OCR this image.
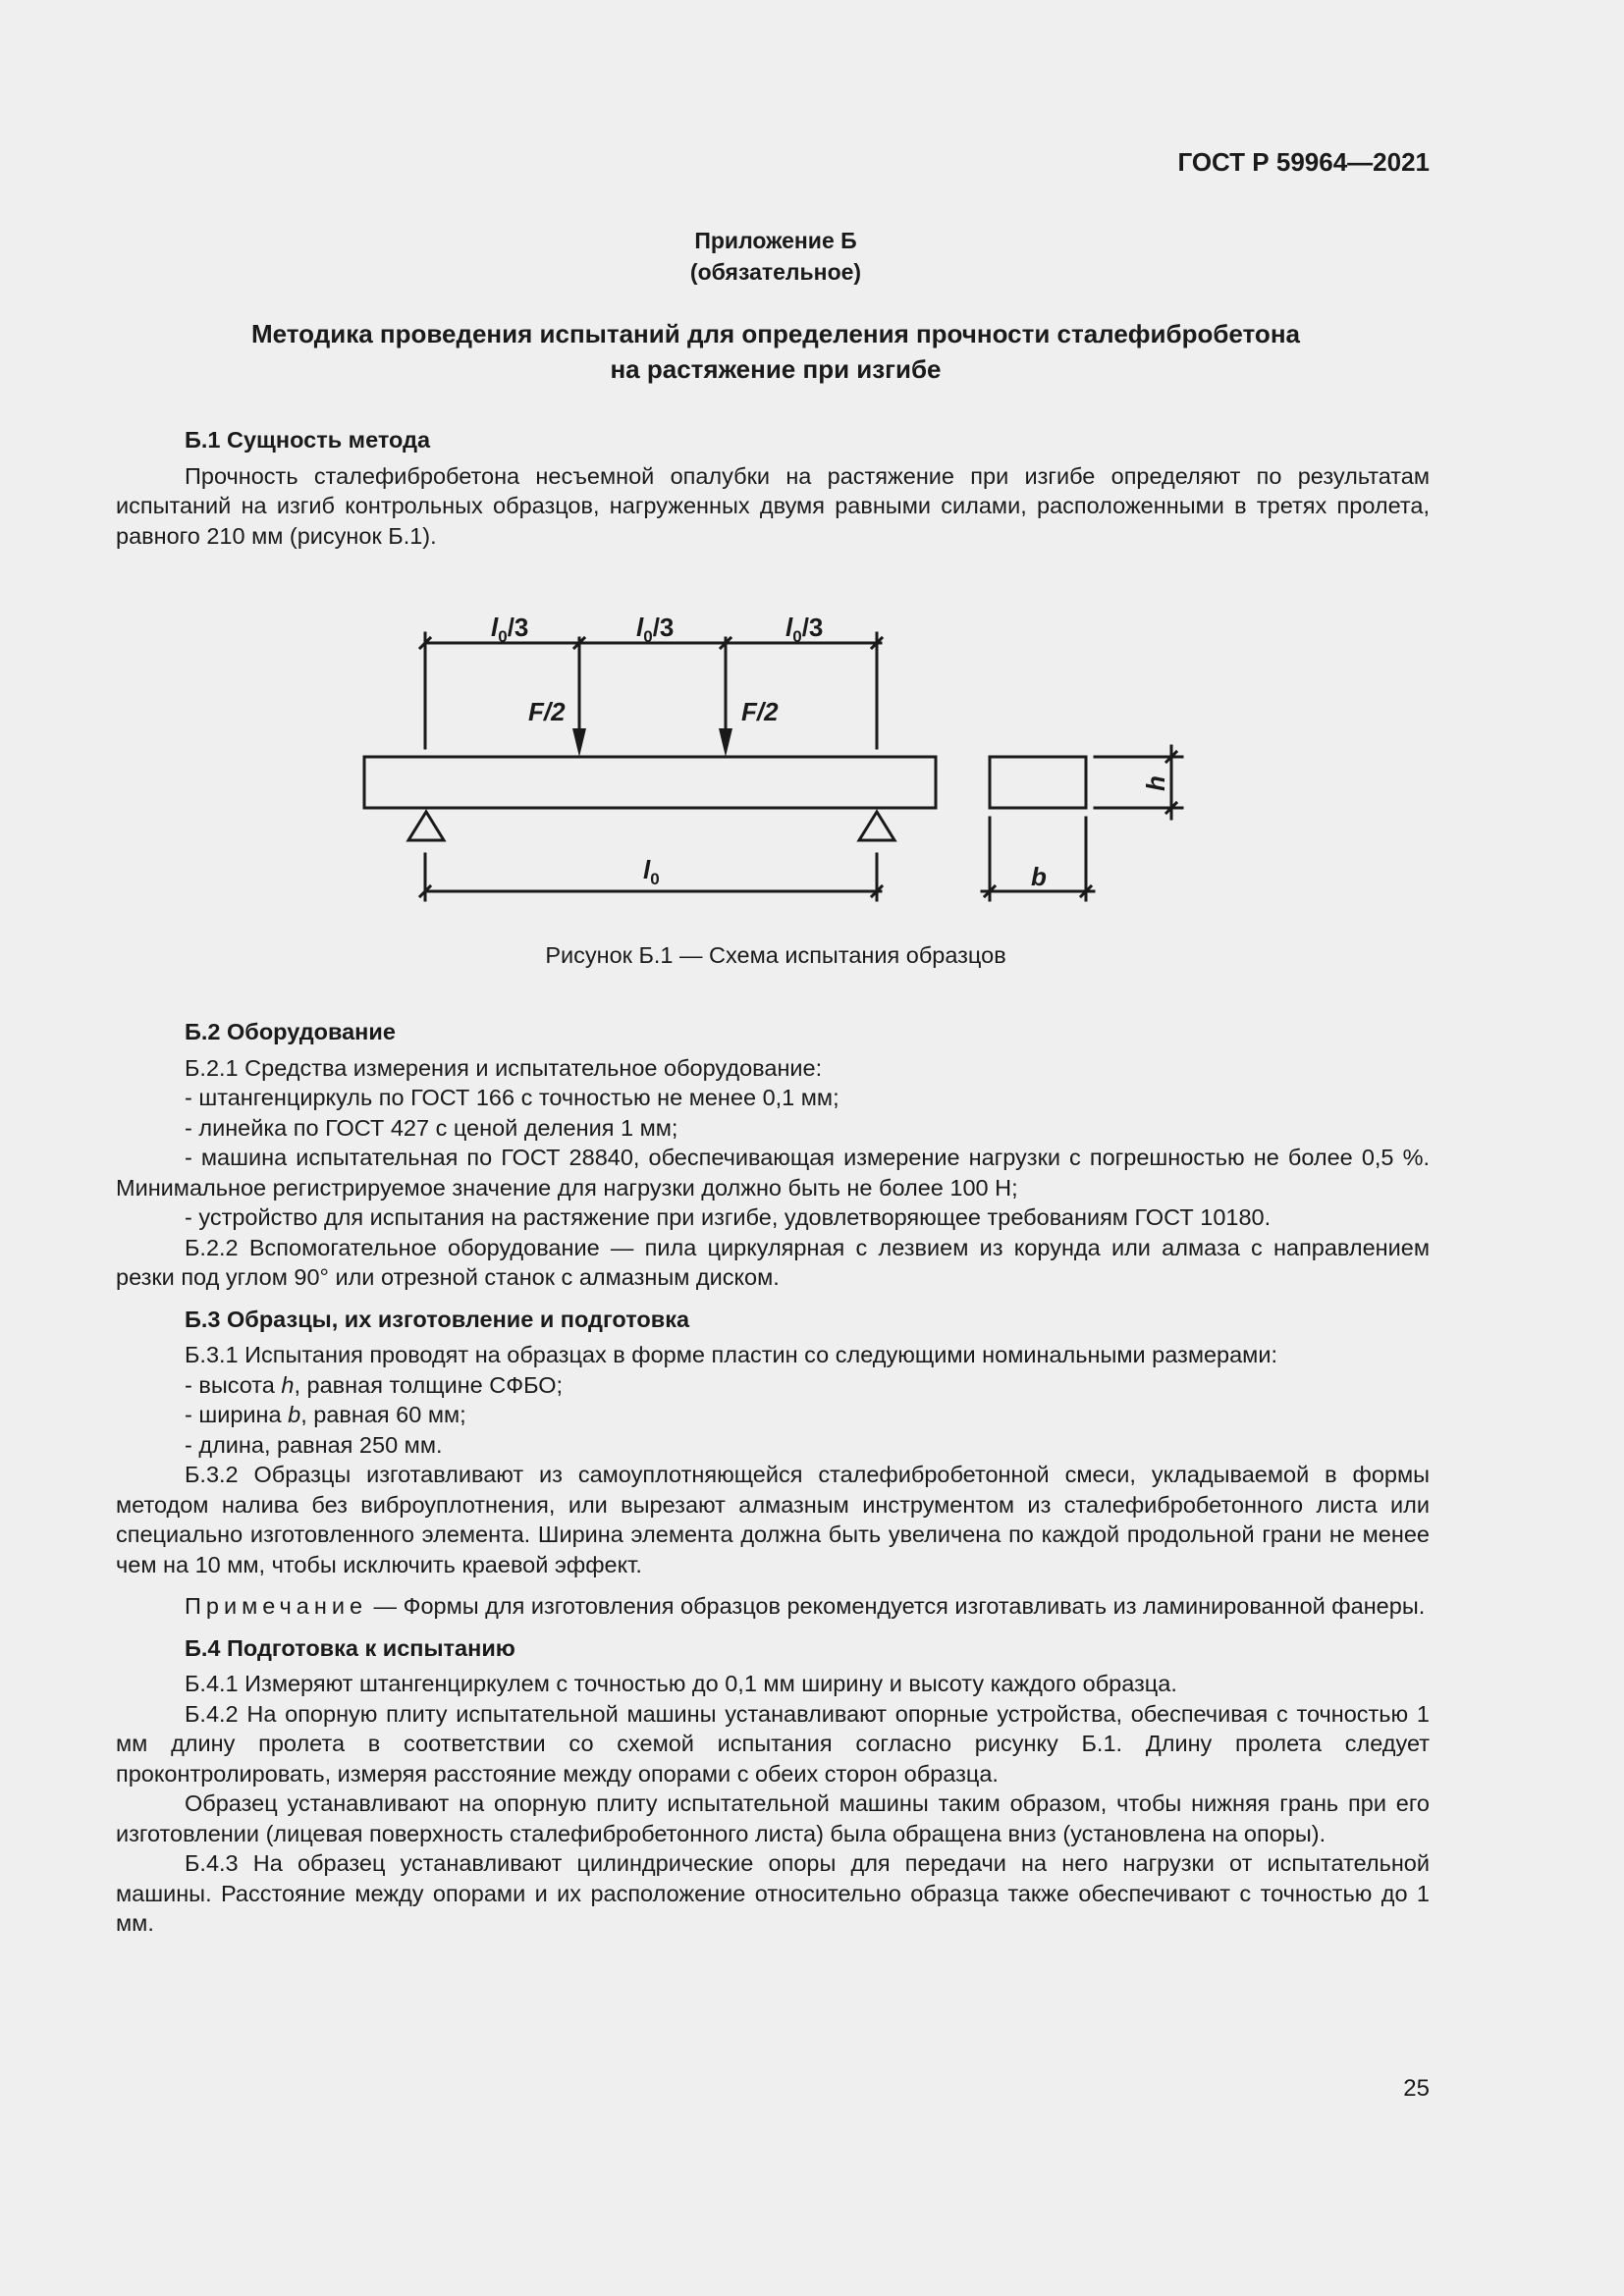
ГОСТ Р 59964—2021
Приложение Б
(обязательное)
Методика проведения испытаний для определения прочности сталефибробетона
на растяжение при изгибе

Б.1 Сущность метода

Прочность сталефибробетона несъемной опалубки на растяжение при изгибе определяют по результатам испытаний на изгиб контрольных образцов, нагруженных двумя равными силами, расположенными в третях пролета, равного 210 мм (рисунок Б.1).

Б.2 Оборудование

Б.2.1 Средства измерения и испытательное оборудование:

- штангенциркуль по ГОСТ 166 с точностью не менее 0,1 мм;

- линейка по ГОСТ 427 с ценой деления 1 мм;

- машина испытательная по ГОСТ 28840, обеспечивающая измерение нагрузки с погрешностью не более 0,5 %. Минимальное регистрируемое значение для нагрузки должно быть не более 100 Н;

- устройство для испытания на растяжение при изгибе, удовлетворяющее требованиям ГОСТ 10180.

Б.2.2 Вспомогательное оборудование — пила циркулярная с лезвием из корунда или алмаза с направлением резки под углом 90° или отрезной станок с алмазным диском.

Б.3 Образцы, их изготовление и подготовка

Б.3.1 Испытания проводят на образцах в форме пластин со следующими номинальными размерами:

- высота h, равная толщине СФБО;

- ширина b, равная 60 мм;

- длина, равная 250 мм.

Б.3.2 Образцы изготавливают из самоуплотняющейся сталефибробетонной смеси, укладываемой в формы методом налива без виброуплотнения, или вырезают алмазным инструментом из сталефибробетонного листа или специально изготовленного элемента. Ширина элемента должна быть увеличена по каждой продольной грани не менее чем на 10 мм, чтобы исключить краевой эффект.

Примечание — Формы для изготовления образцов рекомендуется изготавливать из ламинированной фанеры.

Б.4 Подготовка к испытанию

Б.4.1 Измеряют штангенциркулем с точностью до 0,1 мм ширину и высоту каждого образца.

Б.4.2 На опорную плиту испытательной машины устанавливают опорные устройства, обеспечивая с точностью 1 мм длину пролета в соответствии со схемой испытания согласно рисунку Б.1. Длину пролета следует проконтролировать, измеряя расстояние между опорами с обеих сторон образца.

Образец устанавливают на опорную плиту испытательной машины таким образом, чтобы нижняя грань при его изготовлении (лицевая поверхность сталефибробетонного листа) была обращена вниз (установлена на опоры).

Б.4.3 На образец устанавливают цилиндрические опоры для передачи на него нагрузки от испытательной машины. Расстояние между опорами и их расположение относительно образца также обеспечивают с точностью до 1 мм.

$l_0/3$	$l_0/3$	$l_0/3$
F/2	F/2
$l_0$	b
h
Рисунок Б.1 — Схема испытания образцов
25
